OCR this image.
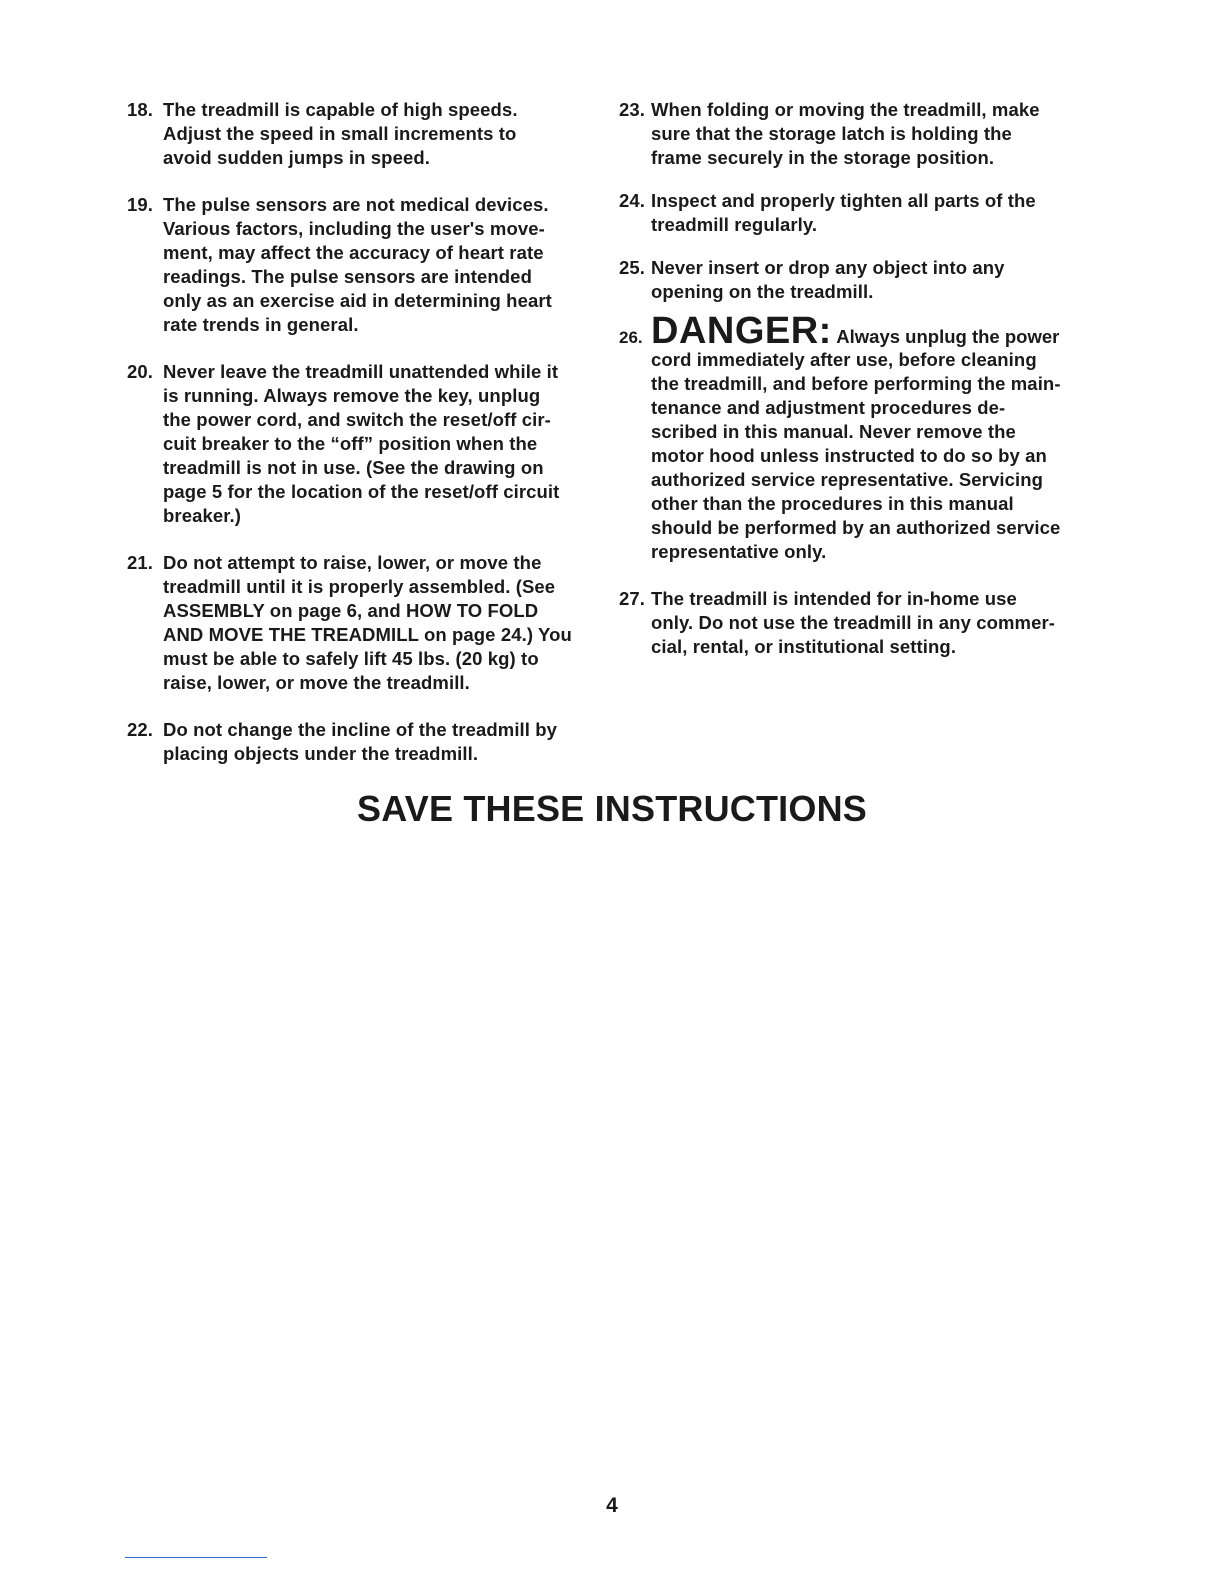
18. The treadmill is capable of high speeds.
Adjust the speed in small increments to
avoid sudden jumps in speed.
19. The pulse sensors are not medical devices.
Various factors, including the user's move-
ment, may affect the accuracy of heart rate
readings. The pulse sensors are intended
only as an exercise aid in determining heart
rate trends in general.
20. Never leave the treadmill unattended while it
is running. Always remove the key, unplug
the power cord, and switch the reset/off cir-
cuit breaker to the “off” position when the
treadmill is not in use. (See the drawing on
page 5 for the location of the reset/off circuit
breaker.)
21. Do not attempt to raise, lower, or move the
treadmill until it is properly assembled. (See
ASSEMBLY on page 6, and HOW TO FOLD
AND MOVE THE TREADMILL on page 24.) You
must be able to safely lift 45 lbs. (20 kg) to
raise, lower, or move the treadmill.
22. Do not change the incline of the treadmill by
placing objects under the treadmill.
23. When folding or moving the treadmill, make
sure that the storage latch is holding the
frame securely in the storage position.
24. Inspect and properly tighten all parts of the
treadmill regularly.
25. Never insert or drop any object into any
opening on the treadmill.
26. DANGER: Always unplug the power
cord immediately after use, before cleaning
the treadmill, and before performing the main-
tenance and adjustment procedures de-
scribed in this manual. Never remove the
motor hood unless instructed to do so by an
authorized service representative. Servicing
other than the procedures in this manual
should be performed by an authorized service
representative only.
27. The treadmill is intended for in-home use
only. Do not use the treadmill in any commer-
cial, rental, or institutional setting.
SAVE THESE INSTRUCTIONS
4
